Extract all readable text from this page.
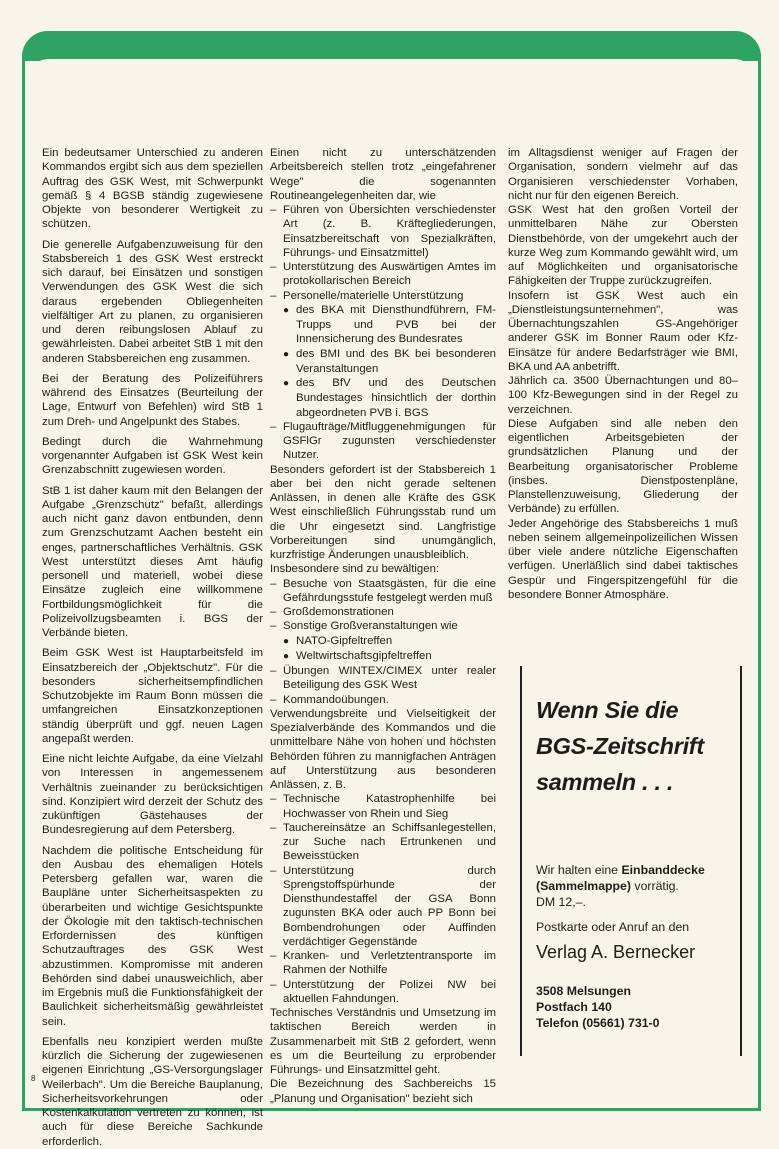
Ein bedeutsamer Unterschied zu anderen Kommandos ergibt sich aus dem speziellen Auftrag des GSK West, mit Schwerpunkt gemäß § 4 BGSB ständig zugewiesene Objekte von besonderer Wertigkeit zu schützen.
Die generelle Aufgabenzuweisung für den Stabsbereich 1 des GSK West erstreckt sich darauf, bei Einsätzen und sonstigen Verwendungen des GSK West die sich daraus ergebenden Obliegenheiten vielfältiger Art zu planen, zu organisieren und deren reibungslosen Ablauf zu gewährleisten. Dabei arbeitet StB 1 mit den anderen Stabsbereichen eng zusammen.
Bei der Beratung des Polizeiführers während des Einsatzes (Beurteilung der Lage, Entwurf von Befehlen) wird StB 1 zum Dreh- und Angelpunkt des Stabes.
Bedingt durch die Wahrnehmung vorgenannter Aufgaben ist GSK West kein Grenzabschnitt zugewiesen worden.
StB 1 ist daher kaum mit den Belangen der Aufgabe „Grenzschutz" befaßt, allerdings auch nicht ganz davon entbunden, denn zum Grenzschutzamt Aachen besteht ein enges, partnerschaftliches Verhältnis. GSK West unterstützt dieses Amt häufig personell und materiell, wobei diese Einsätze zugleich eine willkommene Fortbildungsmöglichkeit für die Polizeivollzugsbeamten i. BGS der Verbände bieten.
Beim GSK West ist Hauptarbeitsfeld im Einsatzbereich der „Objektschutz". Für die besonders sicherheitsempfindlichen Schutzobjekte im Raum Bonn müssen die umfangreichen Einsatzkonzeptionen ständig überprüft und ggf. neuen Lagen angepaßt werden.
Eine nicht leichte Aufgabe, da eine Vielzahl von Interessen in angemessenem Verhältnis zueinander zu berücksichtigen sind. Konzipiert wird derzeit der Schutz des zukünftigen Gästehauses der Bundesregierung auf dem Petersberg.
Nachdem die politische Entscheidung für den Ausbau des ehemaligen Hotels Petersberg gefallen war, waren die Baupläne unter Sicherheitsaspekten zu überarbeiten und wichtige Gesichtspunkte der Ökologie mit den taktisch-technischen Erfordernissen des künftigen Schutzauftrages des GSK West abzustimmen. Kompromisse mit anderen Behörden sind dabei unausweichlich, aber im Ergebnis muß die Funktionsfähigkeit der Baulichkeit sicherheitsmäßig gewährleistet sein.
Ebenfalls neu konzipiert werden mußte kürzlich die Sicherung der zugewiesenen eigenen Einrichtung „GS-Versorgungslager Weilerbach". Um die Bereiche Bauplanung, Sicherheitsvorkehrungen oder Kostenkalkulation vertreten zu können, ist auch für diese Bereiche Sachkunde erforderlich.
Einen nicht zu unterschätzenden Arbeitsbereich stellen trotz „eingefahrener Wege" die sogenannten Routineangelegenheiten dar, wie
– Führen von Übersichten verschiedenster Art (z. B. Kräftegliederungen, Einsatzbereitschaft von Spezialkräften, Führungs- und Einsatzmittel)
– Unterstützung des Auswärtigen Amtes im protokollarischen Bereich
– Personelle/materielle Unterstützung
● des BKA mit Diensthundführern, FM-Trupps und PVB bei der Innensicherung des Bundesrates
● des BMI und des BK bei besonderen Veranstaltungen
● des BfV und des Deutschen Bundestages hinsichtlich der dorthin abgeordneten PVB i. BGS
– Flugaufträge/Mitfluggenehmigungen für GSFlGr zugunsten verschiedenster Nutzer.
Besonders gefordert ist der Stabsbereich 1 aber bei den nicht gerade seltenen Anlässen, in denen alle Kräfte des GSK West einschließlich Führungsstab rund um die Uhr eingesetzt sind. Langfristige Vorbereitungen sind unumgänglich, kurzfristige Änderungen unausbleiblich.
Insbesondere sind zu bewältigen:
– Besuche von Staatsgästen, für die eine Gefährdungsstufe festgelegt werden muß
– Großdemonstrationen
– Sonstige Großveranstaltungen wie
● NATO-Gipfeltreffen
● Weltwirtschaftsgipfeltreffen
– Übungen WINTEX/CIMEX unter realer Beteiligung des GSK West
– Kommandoübungen.
Verwendungsbreite und Vielseitigkeit der Spezialverbände des Kommandos und die unmittelbare Nähe von hohen und höchsten Behörden führen zu mannigfachen Anträgen auf Unterstützung aus besonderen Anlässen, z. B.
– Technische Katastrophenhilfe bei Hochwasser von Rhein und Sieg
– Tauchereinsätze an Schiffsanlegestellen, zur Suche nach Ertrunkenen und Beweisstücken
– Unterstützung durch Sprengstoffspürhunde der Diensthundestaffel der GSA Bonn zugunsten BKA oder auch PP Bonn bei Bombendrohungen oder Auffinden verdächtiger Gegenstände
– Kranken- und Verletztentransporte im Rahmen der Nothilfe
– Unterstützung der Polizei NW bei aktuellen Fahndungen.
Technisches Verständnis und Umsetzung im taktischen Bereich werden in Zusammenarbeit mit StB 2 gefordert, wenn es um die Beurteilung zu erprobender Führungs- und Einsatzmittel geht.
Die Bezeichnung des Sachbereichs 15 „Planung und Organisation" bezieht sich
im Alltagsdienst weniger auf Fragen der Organisation, sondern vielmehr auf das Organisieren verschiedenster Vorhaben, nicht nur für den eigenen Bereich.
GSK West hat den großen Vorteil der unmittelbaren Nähe zur Obersten Dienstbehörde, von der umgekehrt auch der kurze Weg zum Kommando gewählt wird, um auf Möglichkeiten und organisatorische Fähigkeiten der Truppe zurückzugreifen.
Insofern ist GSK West auch ein „Dienstleistungsunternehmen", was Übernachtungszahlen GS-Angehöriger anderer GSK im Bonner Raum oder Kfz-Einsätze für andere Bedarfsträger wie BMI, BKA und AA anbetrifft.
Jährlich ca. 3500 Übernachtungen und 80–100 Kfz-Bewegungen sind in der Regel zu verzeichnen.
Diese Aufgaben sind alle neben den eigentlichen Arbeitsgebieten der grundsätzlichen Planung und der Bearbeitung organisatorischer Probleme (insbes. Dienstpostenpläne, Planstellenzuweisung, Gliederung der Verbände) zu erfüllen.
Jeder Angehörige des Stabsbereichs 1 muß neben seinem allgemeinpolizeilichen Wissen über viele andere nützliche Eigenschaften verfügen. Unerläßlich sind dabei taktisches Gespür und Fingerspitzengefühl für die besondere Bonner Atmosphäre.
8
Wenn Sie die
BGS-Zeitschrift
sammeln . . .
Wir halten eine Einbanddecke (Sammelmappe) vorrätig.
DM 12,–.
Postkarte oder Anruf an den
Verlag A. Bernecker
3508 Melsungen
Postfach 140
Telefon (05661) 731-0
